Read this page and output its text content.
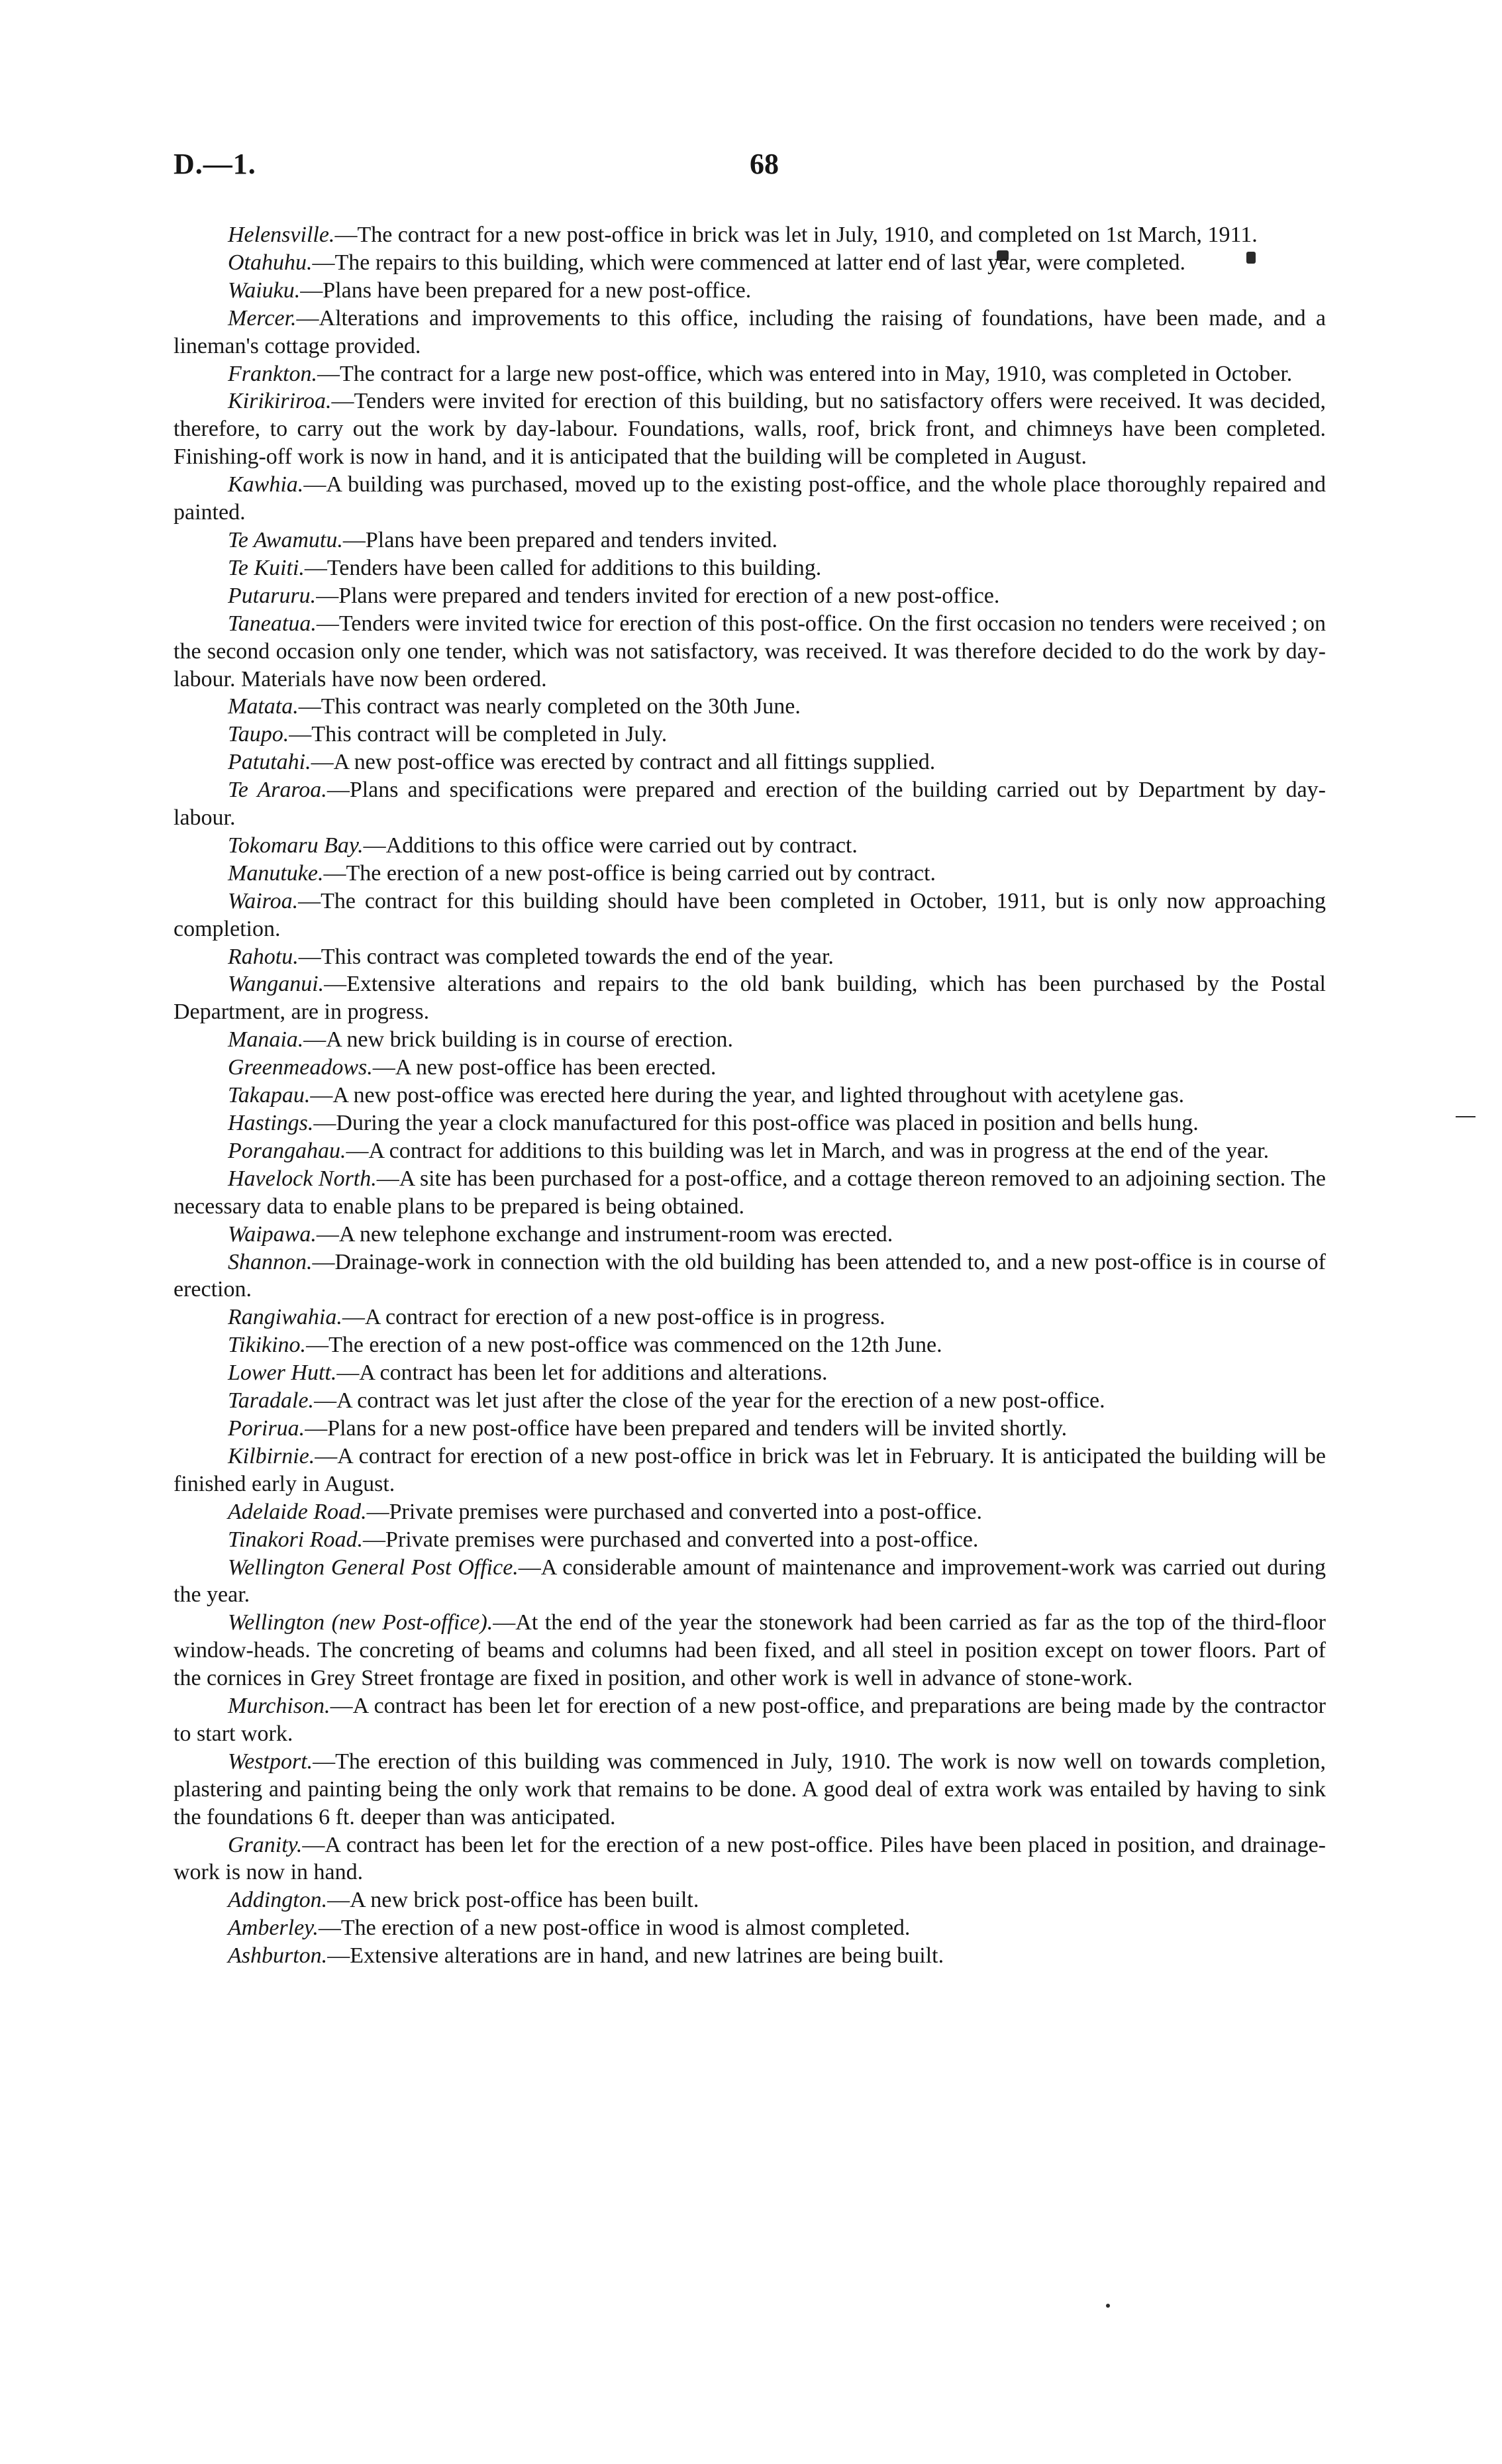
D.—1.	68

Helensville.—The contract for a new post-office in brick was let in July, 1910, and completed on 1st March, 1911.

Otahuhu.—The repairs to this building, which were commenced at latter end of last year, were completed.

Waiuku.—Plans have been prepared for a new post-office.

Mercer.—Alterations and improvements to this office, including the raising of foundations, have been made, and a lineman's cottage provided.

Frankton.—The contract for a large new post-office, which was entered into in May, 1910, was completed in October.

Kirikiriroa.—Tenders were invited for erection of this building, but no satisfactory offers were received. It was decided, therefore, to carry out the work by day-labour. Foundations, walls, roof, brick front, and chimneys have been completed. Finishing-off work is now in hand, and it is anticipated that the building will be completed in August.

Kawhia.—A building was purchased, moved up to the existing post-office, and the whole place thoroughly repaired and painted.

Te Awamutu.—Plans have been prepared and tenders invited.

Te Kuiti.—Tenders have been called for additions to this building.

Putaruru.—Plans were prepared and tenders invited for erection of a new post-office.

Taneatua.—Tenders were invited twice for erection of this post-office. On the first occasion no tenders were received ; on the second occasion only one tender, which was not satisfactory, was received. It was therefore decided to do the work by day-labour. Materials have now been ordered.

Matata.—This contract was nearly completed on the 30th June.

Taupo.—This contract will be completed in July.

Patutahi.—A new post-office was erected by contract and all fittings supplied.

Te Araroa.—Plans and specifications were prepared and erection of the building carried out by Department by day-labour.

Tokomaru Bay.—Additions to this office were carried out by contract.

Manutuke.—The erection of a new post-office is being carried out by contract.

Wairoa.—The contract for this building should have been completed in October, 1911, but is only now approaching completion.

Rahotu.—This contract was completed towards the end of the year.

Wanganui.—Extensive alterations and repairs to the old bank building, which has been purchased by the Postal Department, are in progress.

Manaia.—A new brick building is in course of erection.

Greenmeadows.—A new post-office has been erected.

Takapau.—A new post-office was erected here during the year, and lighted throughout with acetylene gas.

Hastings.—During the year a clock manufactured for this post-office was placed in position and bells hung.

Porangahau.—A contract for additions to this building was let in March, and was in progress at the end of the year.

Havelock North.—A site has been purchased for a post-office, and a cottage thereon removed to an adjoining section. The necessary data to enable plans to be prepared is being obtained.

Waipawa.—A new telephone exchange and instrument-room was erected.

Shannon.—Drainage-work in connection with the old building has been attended to, and a new post-office is in course of erection.

Rangiwahia.—A contract for erection of a new post-office is in progress.

Tikikino.—The erection of a new post-office was commenced on the 12th June.

Lower Hutt.—A contract has been let for additions and alterations.

Taradale.—A contract was let just after the close of the year for the erection of a new post-office.

Porirua.—Plans for a new post-office have been prepared and tenders will be invited shortly.

Kilbirnie.—A contract for erection of a new post-office in brick was let in February. It is anticipated the building will be finished early in August.

Adelaide Road.—Private premises were purchased and converted into a post-office.

Tinakori Road.—Private premises were purchased and converted into a post-office.

Wellington General Post Office.—A considerable amount of maintenance and improvement-work was carried out during the year.

Wellington (new Post-office).—At the end of the year the stonework had been carried as far as the top of the third-floor window-heads. The concreting of beams and columns had been fixed, and all steel in position except on tower floors. Part of the cornices in Grey Street frontage are fixed in position, and other work is well in advance of stone-work.

Murchison.—A contract has been let for erection of a new post-office, and preparations are being made by the contractor to start work.

Westport.—The erection of this building was commenced in July, 1910. The work is now well on towards completion, plastering and painting being the only work that remains to be done. A good deal of extra work was entailed by having to sink the foundations 6 ft. deeper than was anticipated.

Granity.—A contract has been let for the erection of a new post-office. Piles have been placed in position, and drainage-work is now in hand.

Addington.—A new brick post-office has been built.

Amberley.—The erection of a new post-office in wood is almost completed.

Ashburton.—Extensive alterations are in hand, and new latrines are being built.
